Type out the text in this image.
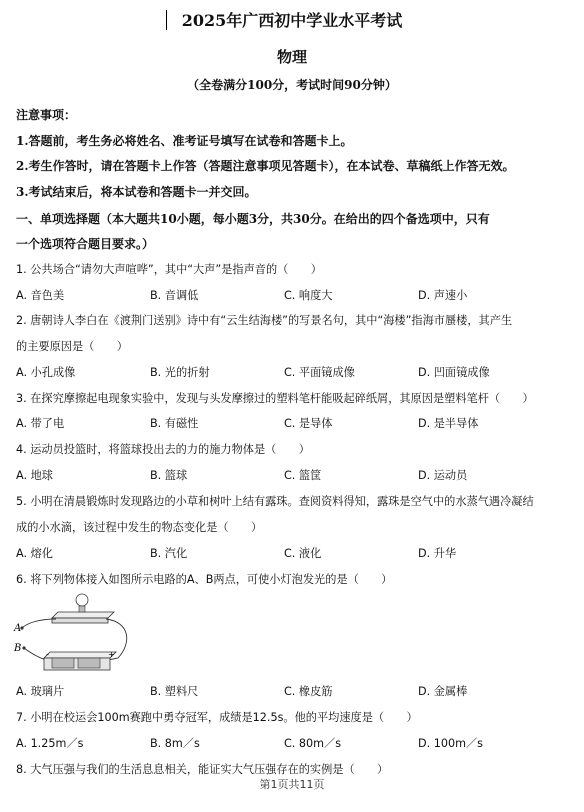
2025年广西初中学业水平考试
物理
（全卷满分100分，考试时间90分钟）
注意事项：
1.答题前，考生务必将姓名、准考证号填写在试卷和答题卡上。
2.考生作答时，请在答题卡上作答（答题注意事项见答题卡），在本试卷、草稿纸上作答无效。
3.考试结束后，将本试卷和答题卡一并交回。
一、单项选择题（本大题共10小题，每小题3分，共30分。在给出的四个备选项中，只有
一个选项符合题目要求。）
1. 公共场合“请勿大声喧哗”，其中“大声”是指声音的（　　）
A. 音色美	B. 音调低	C. 响度大	D. 声速小
2. 唐朝诗人李白在《渡荆门送别》诗中有“云生结海楼”的写景名句，其中“海楼”指海市蜃楼，其产生
的主要原因是（　　）
A. 小孔成像	B. 光的折射	C. 平面镜成像	D. 凹面镜成像
3. 在探究摩擦起电现象实验中，发现与头发摩擦过的塑料笔杆能吸起碎纸屑，其原因是塑料笔杆（　　）
A. 带了电	B. 有磁性	C. 是导体	D. 是半导体
4. 运动员投篮时，将篮球投出去的力的施力物体是（　　）
A. 地球	B. 篮球	C. 篮筐	D. 运动员
5. 小明在清晨锻炼时发现路边的小草和树叶上结有露珠。查阅资料得知，露珠是空气中的水蒸气遇冷凝结
成的小水滴，该过程中发生的物态变化是（　　）
A. 熔化	B. 汽化	C. 液化	D. 升华
6. 将下列物体接入如图所示电路的A、B两点，可使小灯泡发光的是（　　）
A
B
-	+
A. 玻璃片	B. 塑料尺	C. 橡皮筋	D. 金属棒
7. 小明在校运会100m赛跑中勇夺冠军，成绩是12.5s。他的平均速度是（　　）
A. 1.25m／s	B. 8m／s	C. 80m／s	D. 100m／s
8. 大气压强与我们的生活息息相关，能证实大气压强存在的实例是（　　）
第1页共11页
